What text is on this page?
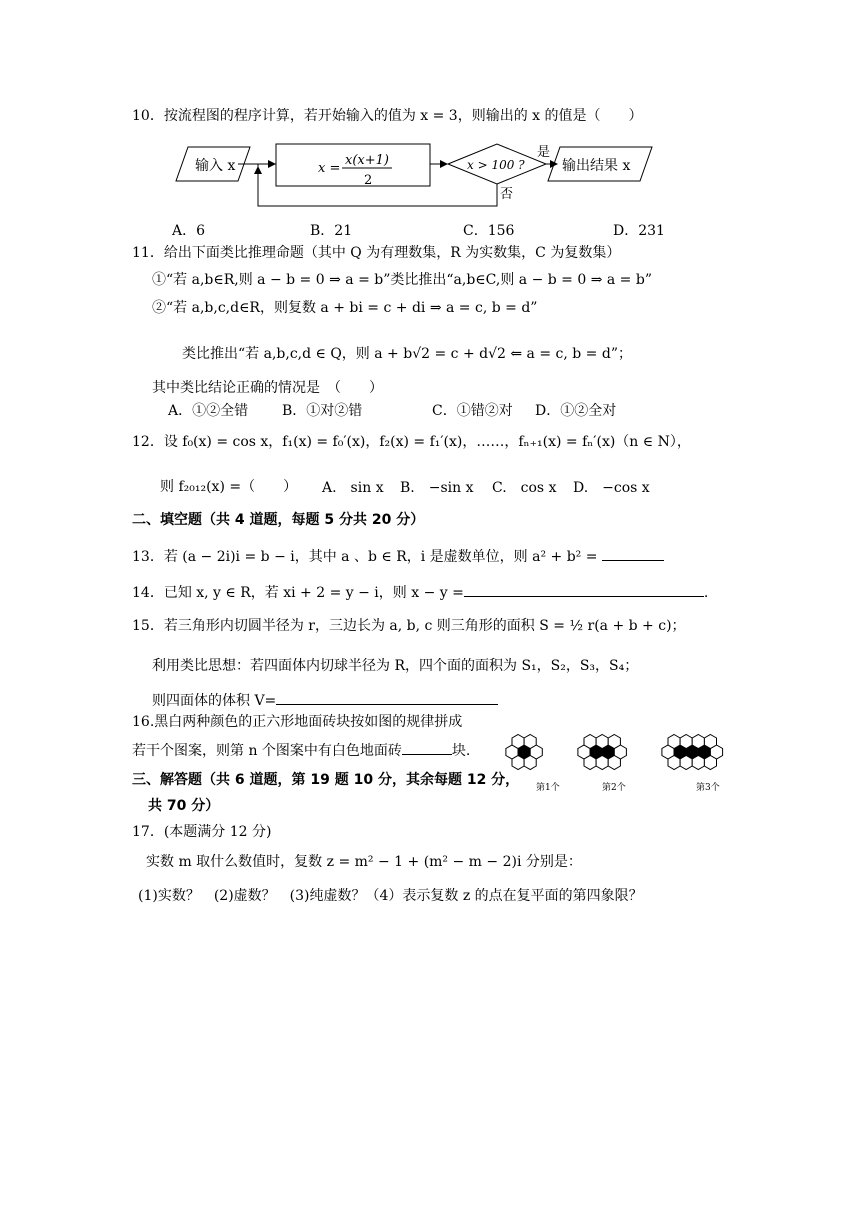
10．按流程图的程序计算，若开始输入的值为 x = 3，则输出的 x 的值是（　　）
输入 x	x =
x(x+1)
2
x > 100 ?
是
输出结果 x
否
A．6	B．21	C．156	D．231
11．给出下面类比推理命题（其中 Q 为有理数集，R 为实数集，C 为复数集）
①“若 a,b∈R,则 a − b = 0 ⇒ a = b”类比推出“a,b∈C,则 a − b = 0 ⇒ a = b”
②“若 a,b,c,d∈R，则复数 a + bi = c + di ⇒ a = c, b = d”
类比推出“若 a,b,c,d ∈ Q，则 a + b√2 = c + d√2 ⇐ a = c, b = d”；
其中类比结论正确的情况是　（　　）
A．①②全错 B．①对②错	C．①错②对 D．①②全对
12．设 f₀(x) = cos x，f₁(x) = f₀′(x)，f₂(x) = f₁′(x)，……，fₙ₊₁(x) = fₙ′(x)（n ∈ N），
则 f₂₀₁₂(x) =（　　） A.　sin x B.　−sin x C.　cos x D.　−cos x
二、填空题（共 4 道题，每题 5 分共 20 分）
13．若 (a − 2i)i = b − i，其中 a 、b ∈ R，i 是虚数单位，则 a² + b² =
14．已知 x, y ∈ R，若 xi + 2 = y − i，则 x − y =	.
15．若三角形内切圆半径为 r，三边长为 a, b, c 则三角形的面积 S = ½ r(a + b + c)；
利用类比思想：若四面体内切球半径为 R，四个面的面积为 S₁，S₂，S₃，S₄；
则四面体的体积 V=
16.黑白两种颜色的正六形地面砖块按如图的规律拼成
若干个图案，则第 n 个图案中有白色地面砖	块.
第1个	第2个	第3个
三、解答题（共 6 道题，第 19 题 10 分，其余每题 12 分，
共 70 分）
17．(本题满分 12 分)
实数 m 取什么数值时，复数 z = m² − 1 + (m² − m − 2)i 分别是：
(1)实数？　(2)虚数？　(3)纯虚数？（4）表示复数 z 的点在复平面的第四象限？
